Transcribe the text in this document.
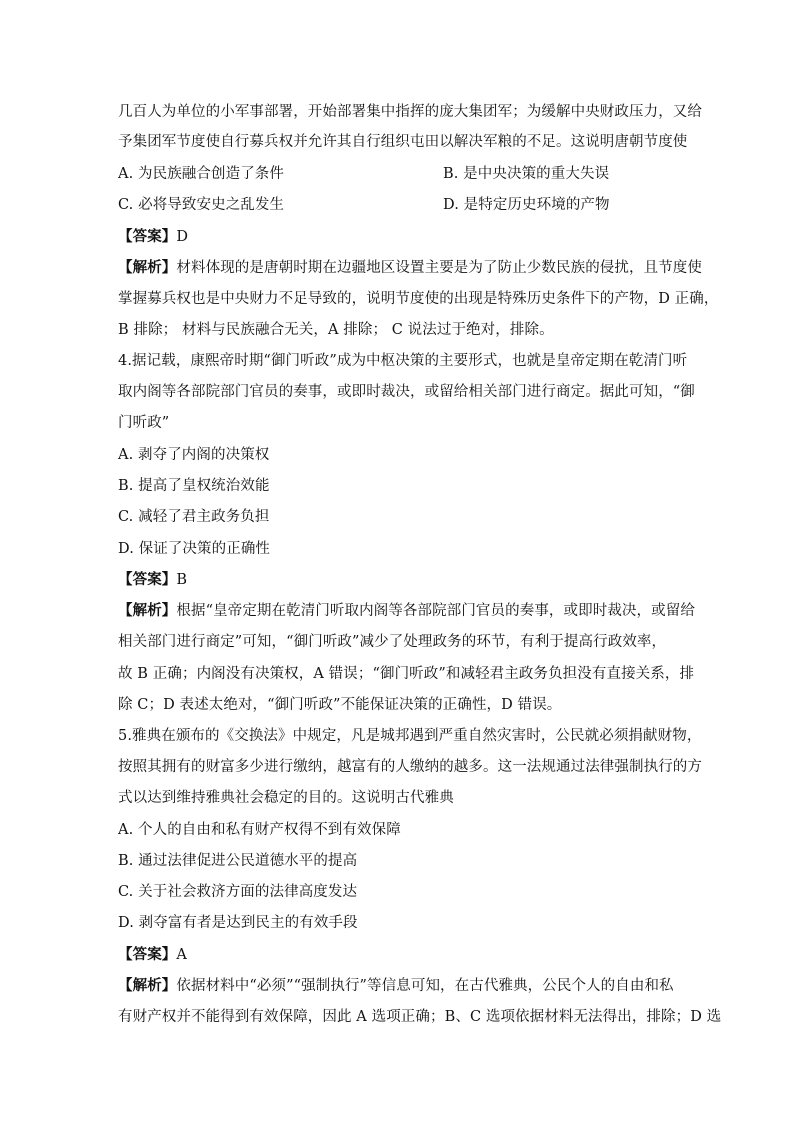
几百人为单位的小军事部署，开始部署集中指挥的庞大集团军；为缓解中央财政压力，又给
予集团军节度使自行募兵权并允许其自行组织屯田以解决军粮的不足。这说明唐朝节度使
A. 为民族融合创造了条件	B. 是中央决策的重大失误
C. 必将导致安史之乱发生	D. 是特定历史环境的产物
【答案】D
【解析】材料体现的是唐朝时期在边疆地区设置主要是为了防止少数民族的侵扰，且节度使
掌握募兵权也是中央财力不足导致的，说明节度使的出现是特殊历史条件下的产物，D 正确，
B 排除； 材料与民族融合无关，A 排除； C 说法过于绝对，排除。
4.据记载，康熙帝时期“御门听政”成为中枢决策的主要形式，也就是皇帝定期在乾清门听
取内阁等各部院部门官员的奏事，或即时裁决，或留给相关部门进行商定。据此可知，“御
门听政”
A. 剥夺了内阁的决策权
B. 提高了皇权统治效能
C. 减轻了君主政务负担
D. 保证了决策的正确性
【答案】B
【解析】根据“皇帝定期在乾清门听取内阁等各部院部门官员的奏事，或即时裁决，或留给
相关部门进行商定”可知，“御门听政”减少了处理政务的环节，有利于提高行政效率，
故 B 正确；内阁没有决策权，A 错误；“御门听政”和减轻君主政务负担没有直接关系，排
除 C；D 表述太绝对，“御门听政”不能保证决策的正确性，D 错误。
5.雅典在颁布的《交换法》中规定，凡是城邦遇到严重自然灾害时，公民就必须捐献财物，
按照其拥有的财富多少进行缴纳，越富有的人缴纳的越多。这一法规通过法律强制执行的方
式以达到维持雅典社会稳定的目的。这说明古代雅典
A. 个人的自由和私有财产权得不到有效保障
B. 通过法律促进公民道德水平的提高
C. 关于社会救济方面的法律高度发达
D. 剥夺富有者是达到民主的有效手段
【答案】A
【解析】依据材料中“必须”“强制执行”等信息可知，在古代雅典，公民个人的自由和私
有财产权并不能得到有效保障，因此 A 选项正确；B、C 选项依据材料无法得出，排除；D 选
